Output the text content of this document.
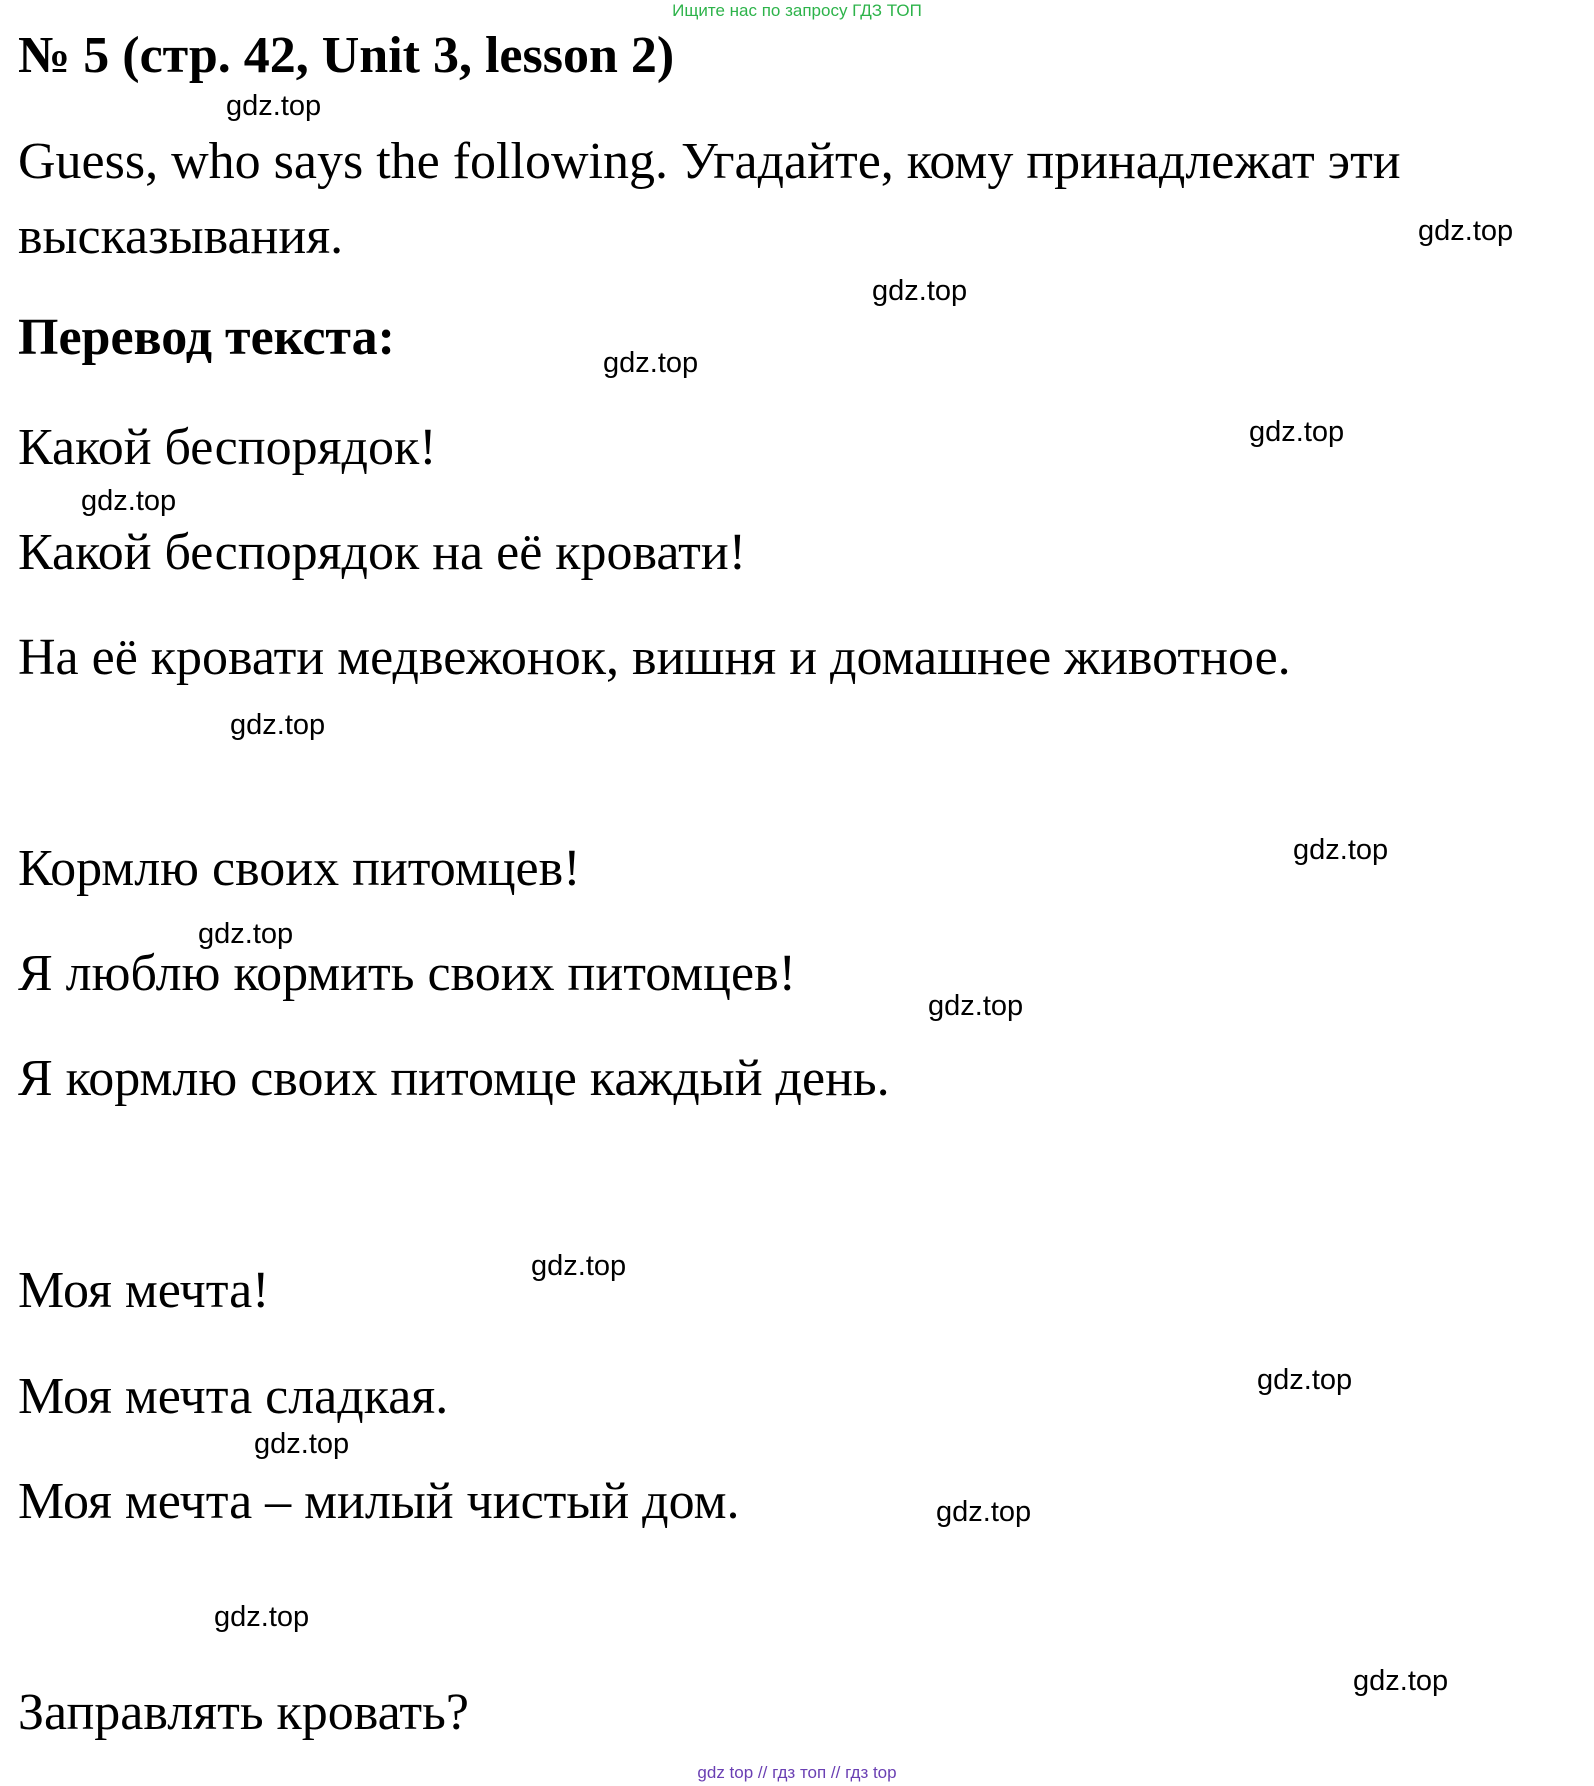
Ищите нас по запросу ГДЗ ТОП
№ 5 (стр. 42, Unit 3, lesson 2)
Guess, who says the following. Угадайте, кому принадлежат эти высказывания.
Перевод текста:
Какой беспорядок!
Какой беспорядок на её кровати!
На её кровати медвежонок, вишня и домашнее животное.
Кормлю своих питомцев!
Я люблю кормить своих питомцев!
Я кормлю своих питомце каждый день.
Моя мечта!
Моя мечта сладкая.
Моя мечта – милый чистый дом.
Заправлять кровать?
gdz.top
gdz.top
gdz.top
gdz.top
gdz.top
gdz.top
gdz.top
gdz.top
gdz.top
gdz.top
gdz.top
gdz.top
gdz.top
gdz.top
gdz.top
gdz.top
gdz top // гдз топ // гдз top
